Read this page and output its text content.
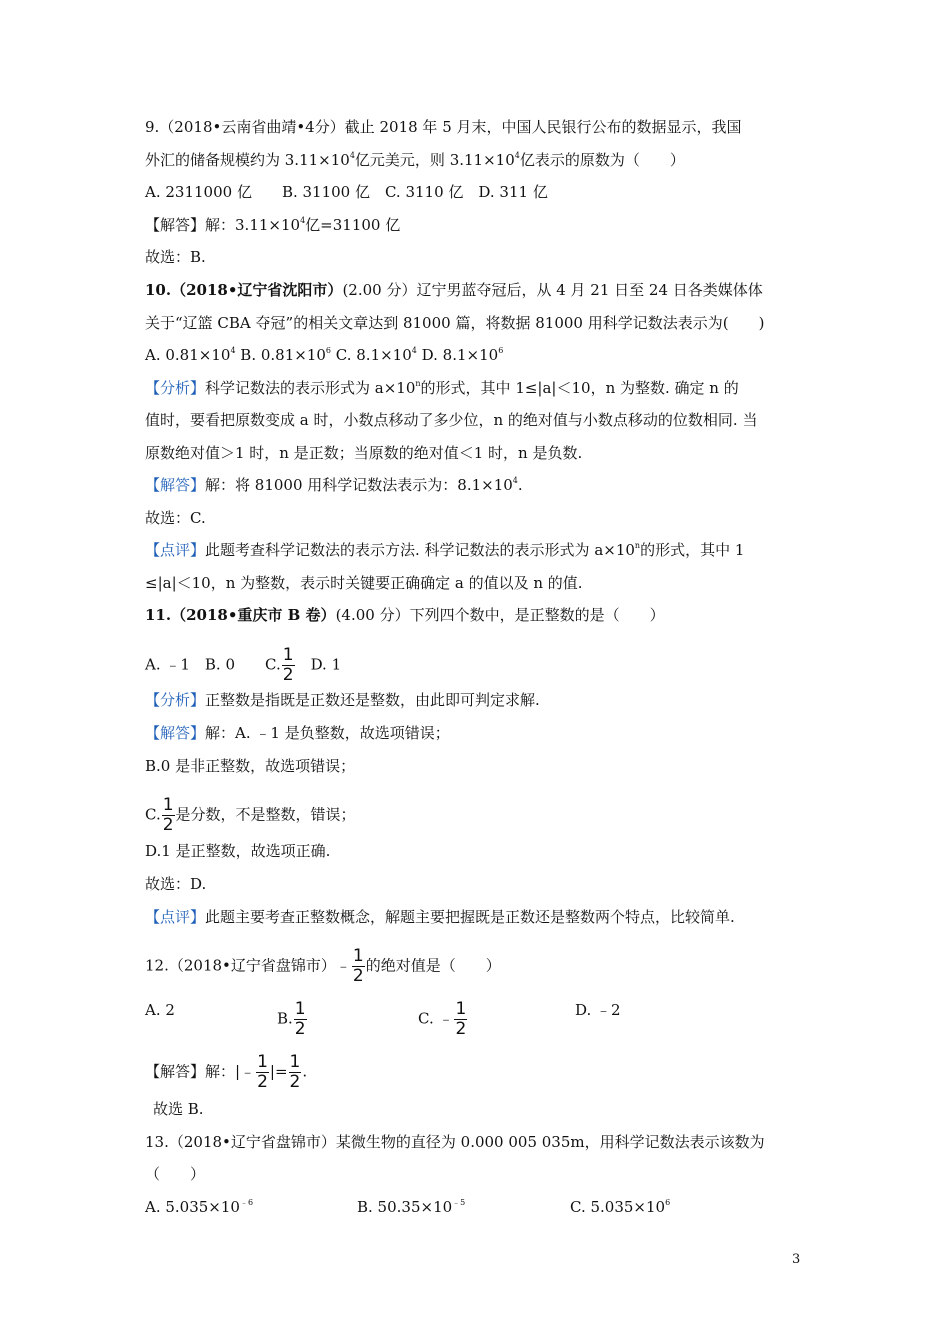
9.（2018•云南省曲靖•4分）截止 2018 年 5 月末，中国人民银行公布的数据显示，我国
外汇的储备规模约为 $3.11\times 10^4$亿元美元，则 $3.11\times 10^4$亿表示的原数为（　　）
A. 2311000 亿　　B. 31100 亿　C. 3110 亿　D. 311 亿
【解答】解：$3.11\times 10^4$亿=31100 亿
故选：B.
10.（2018•辽宁省沈阳市）(2.00 分）辽宁男蓝夺冠后，从 4 月 21 日至 24 日各类媒体体
关于“辽篮 CBA 夺冠”的相关文章达到 81000 篇，将数据 81000 用科学记数法表示为(　　)
A. $0.81\times 10^4$ B. $0.81\times 10^6$ C. $8.1\times 10^4$ D. $8.1\times 10^6$
【分析】科学记数法的表示形式为 $a\times 10^n$的形式，其中 1≤|a|＜10，n 为整数. 确定 n 的
值时，要看把原数变成 a 时，小数点移动了多少位，n 的绝对值与小数点移动的位数相同. 当
原数绝对值＞1 时，n 是正数；当原数的绝对值＜1 时，n 是负数.
【解答】解：将 81000 用科学记数法表示为：$8.1\times 10^4$.
故选：C.
【点评】此题考查科学记数法的表示方法. 科学记数法的表示形式为 $a\times 10^n$的形式，其中 1
≤|a|＜10，n 为整数，表示时关键要正确确定 a 的值以及 n 的值.
11.（2018•重庆市 B 卷）(4.00 分）下列四个数中，是正整数的是（　　）
A. ﹣1　B. 0　　C. $\frac{1}{2}$ 　D. 1
【分析】正整数是指既是正数还是整数，由此即可判定求解.
【解答】解：A. ﹣1 是负整数，故选项错误；
B.0 是非正整数，故选项错误；
C. $\frac{1}{2}$ 是分数，不是整数，错误；
D.1 是正整数，故选项正确.
故选：D.
【点评】此题主要考查正整数概念，解题主要把握既是正数还是整数两个特点，比较简单.
12.（2018•辽宁省盘锦市）﹣ $\frac{1}{2}$ 的绝对值是（　　）
A. 2	B. $\frac{1}{2}$	C. ﹣ $\frac{1}{2}$	D. ﹣2
【解答】解：|﹣ $\frac{1}{2}$ |= $\frac{1}{2}$ .
故选 B.
13.（2018•辽宁省盘锦市）某微生物的直径为 0.000 005 035m，用科学记数法表示该数为
（　　）
A. $5.035\times 10^{﹣6}$	B. $50.35\times 10^{﹣5}$	C. $5.035\times 10^6$
3
